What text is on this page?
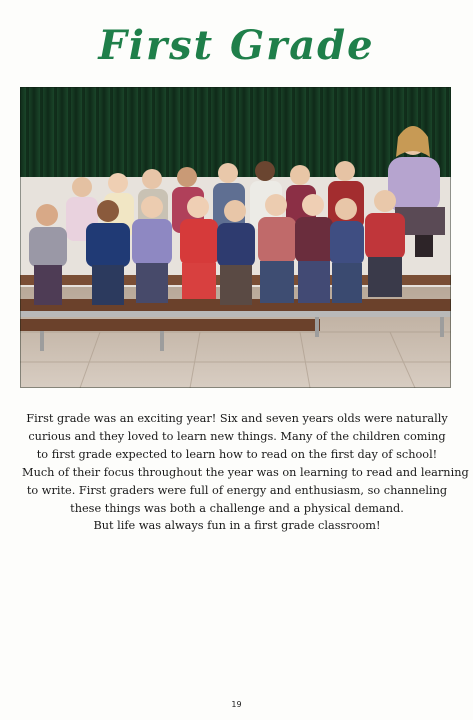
First Grade
First grade was an exciting year! Six and seven years olds were naturally
curious and they loved to learn new things. Many of the children coming
to first grade expected to learn how to read on the first day of school!
Much of their focus throughout the year was on learning to read and learning
to write. First graders were full of energy and enthusiasm, so channeling
these things was both a challenge and a physical demand.
But life was always fun in a first grade classroom!
19
